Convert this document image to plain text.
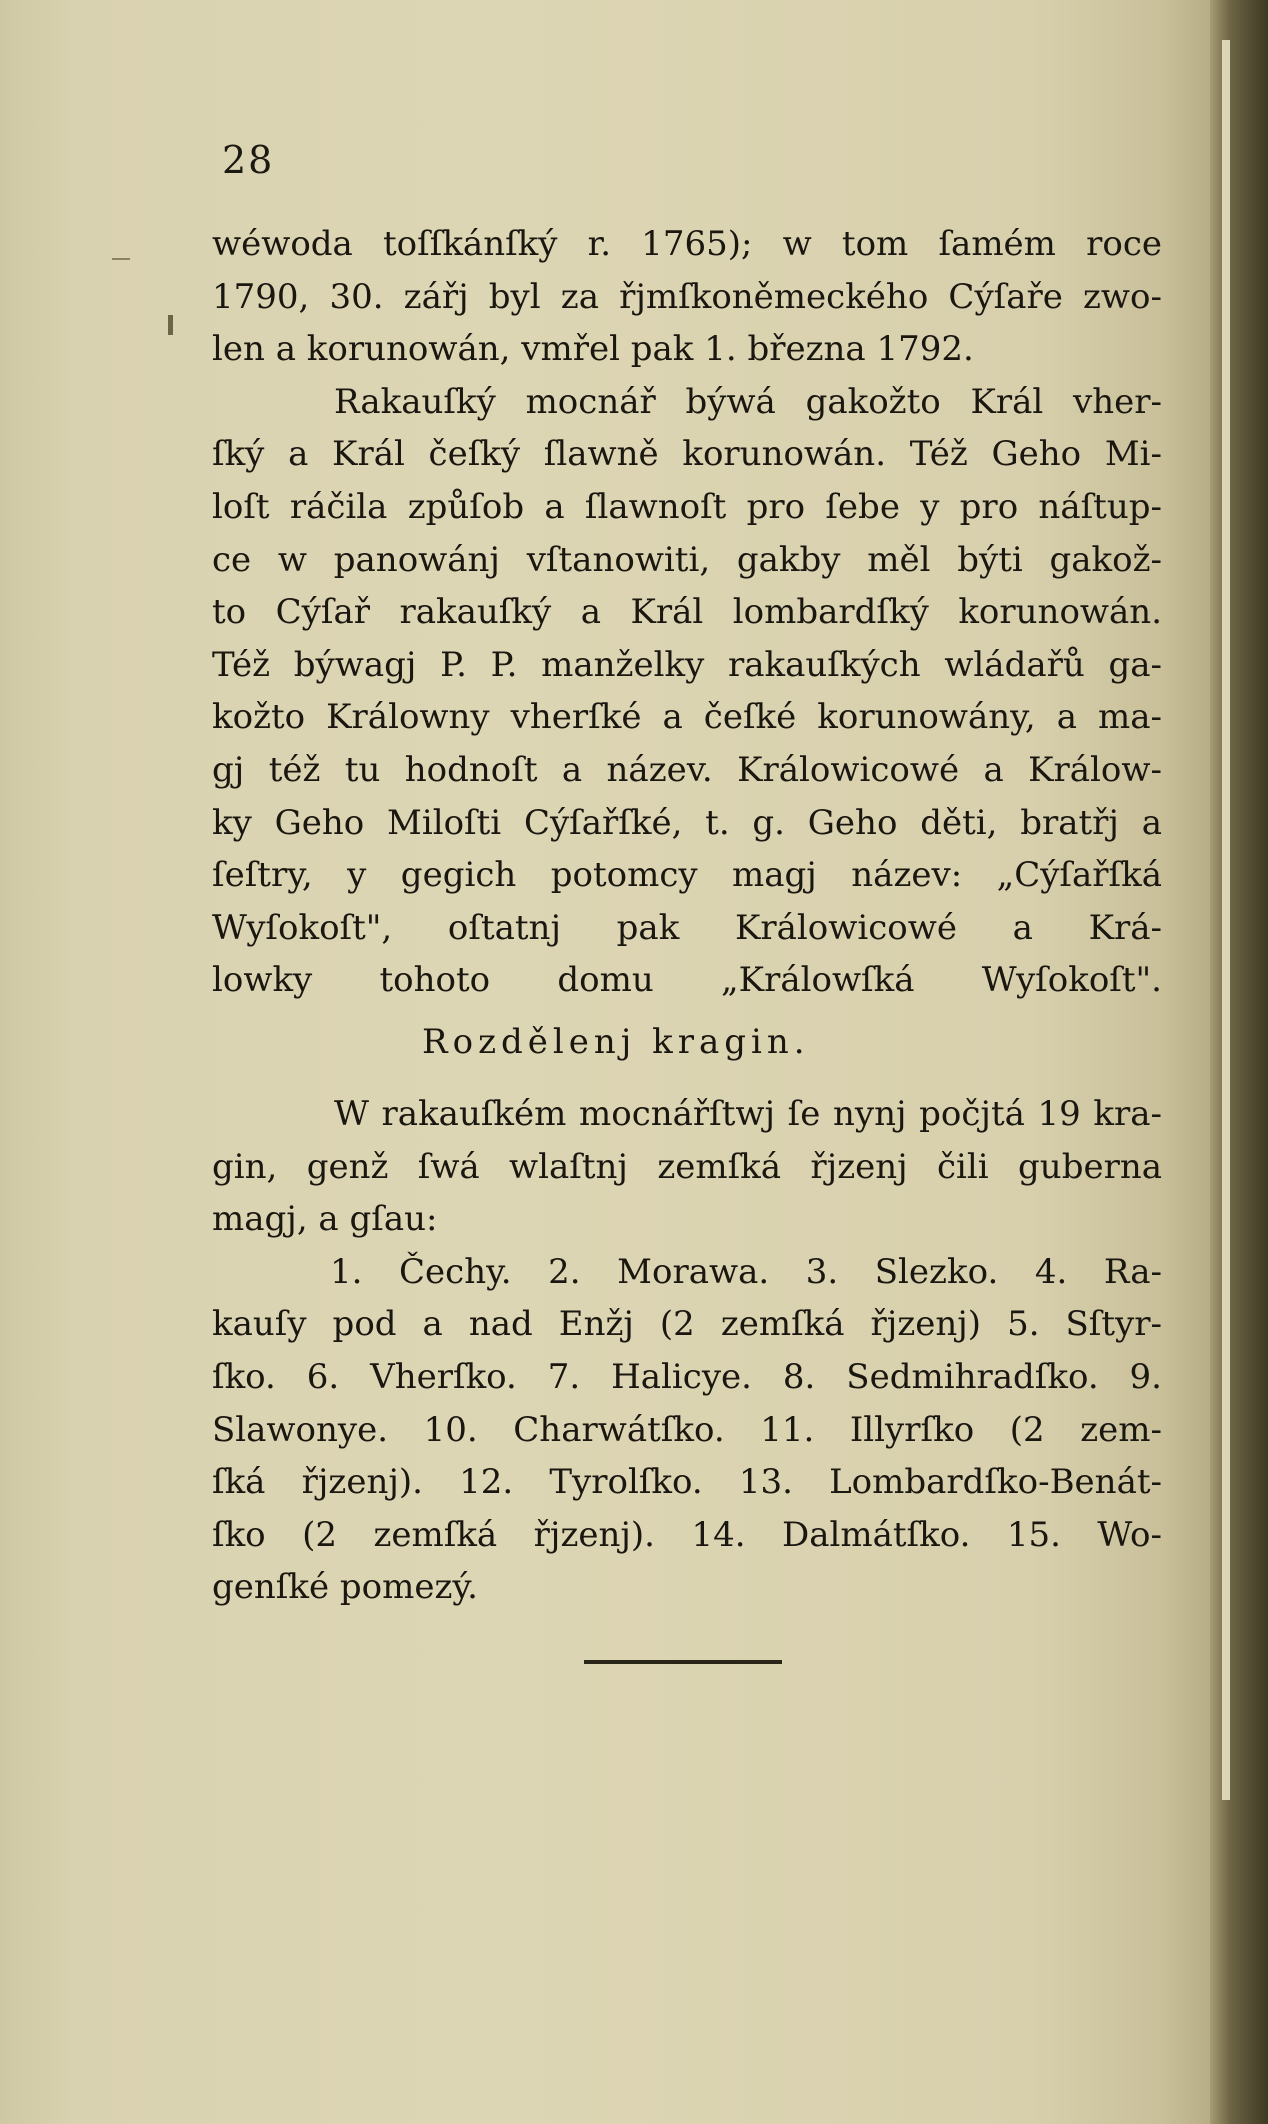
28
wéwoda toſſkánſký r. 1765); w tom ſamém roce
1790, 30. zářj byl za řjmſkoněmeckého Cýſaře zwo-
len a korunowán, vmřel pak 1. března 1792.
Rakauſký mocnář býwá gakožto Král vher-
ſký a Král čeſký ſlawně korunowán. Též Geho Mi-
loſt ráčila způſob a ſlawnoſt pro ſebe y pro náſtup-
ce w panowánj vſtanowiti, gakby měl býti gakož-
to Cýſař rakauſký a Král lombardſký korunowán.
Též býwagj P. P. manželky rakauſkých wládařů ga-
kožto Králowny vherſké a čeſké korunowány, a ma-
gj též tu hodnoſt a název. Králowicowé a Králow-
ky Geho Miloſti Cýſařſké, t. g. Geho děti, bratřj a
ſeſtry, y gegich potomcy magj název: „Cýſařſká
Wyſokoſt", oſtatnj pak Králowicowé a Krá-
lowky tohoto domu „Králowſká Wyſokoſt".
Rozdělenj kragin.
W rakauſkém mocnářſtwj ſe nynj počjtá 19 kra-
gin, genž ſwá wlaſtnj zemſká řjzenj čili guberna
magj, a gſau:
1. Čechy. 2. Morawa. 3. Slezko. 4. Ra-
kauſy pod a nad Enžj (2 zemſká řjzenj) 5. Sſtyr-
ſko. 6. Vherſko. 7. Halicye. 8. Sedmihradſko. 9.
Slawonye. 10. Charwátſko. 11. Illyrſko (2 zem-
ſká řjzenj). 12. Tyrolſko. 13. Lombardſko-Benát-
ſko (2 zemſká řjzenj). 14. Dalmátſko. 15. Wo-
genſké pomezý.
